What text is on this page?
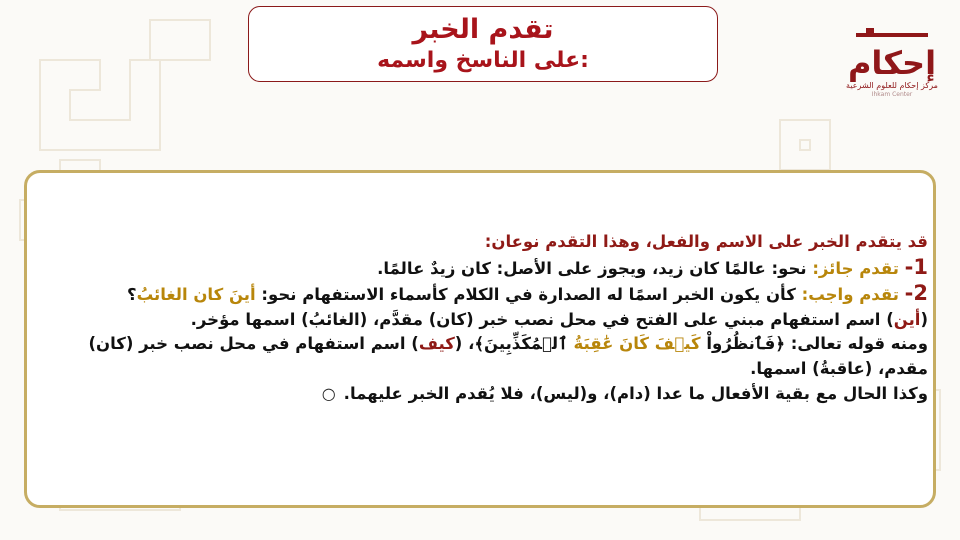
تقدم الخبر
على الناسخ واسمه:	إحكام
مركز إحكام للعلوم الشرعية
Ihkam Center

قد يتقدم الخبر على الاسم والفعل، وهذا التقدم نوعان:

1- تقدم جائز: نحو: عالمًا كان زيد، ويجوز على الأصل: كان زيدٌ عالمًا.

2- تقدم واجب: كأن يكون الخبر اسمًا له الصدارة في الكلام كأسماء الاستفهام نحو: أينَ كان الغائبُ؟

(أين) اسم استفهام مبني على الفتح في محل نصب خبر (كان) مقدَّم، (الغائبُ) اسمها مؤخر.

ومنه قوله تعالى: ﴿فَٱنظُرُواْ كَيۡفَ كَانَ عَٰقِبَةُ ٱلۡمُكَذِّبِينَ﴾، (كيف) اسم استفهام في محل نصب خبر (كان) مقدم، (عاقبةُ) اسمها.

وكذا الحال مع بقية الأفعال ما عدا (دام)، و(ليس)، فلا يُقدم الخبر عليهما.
○
